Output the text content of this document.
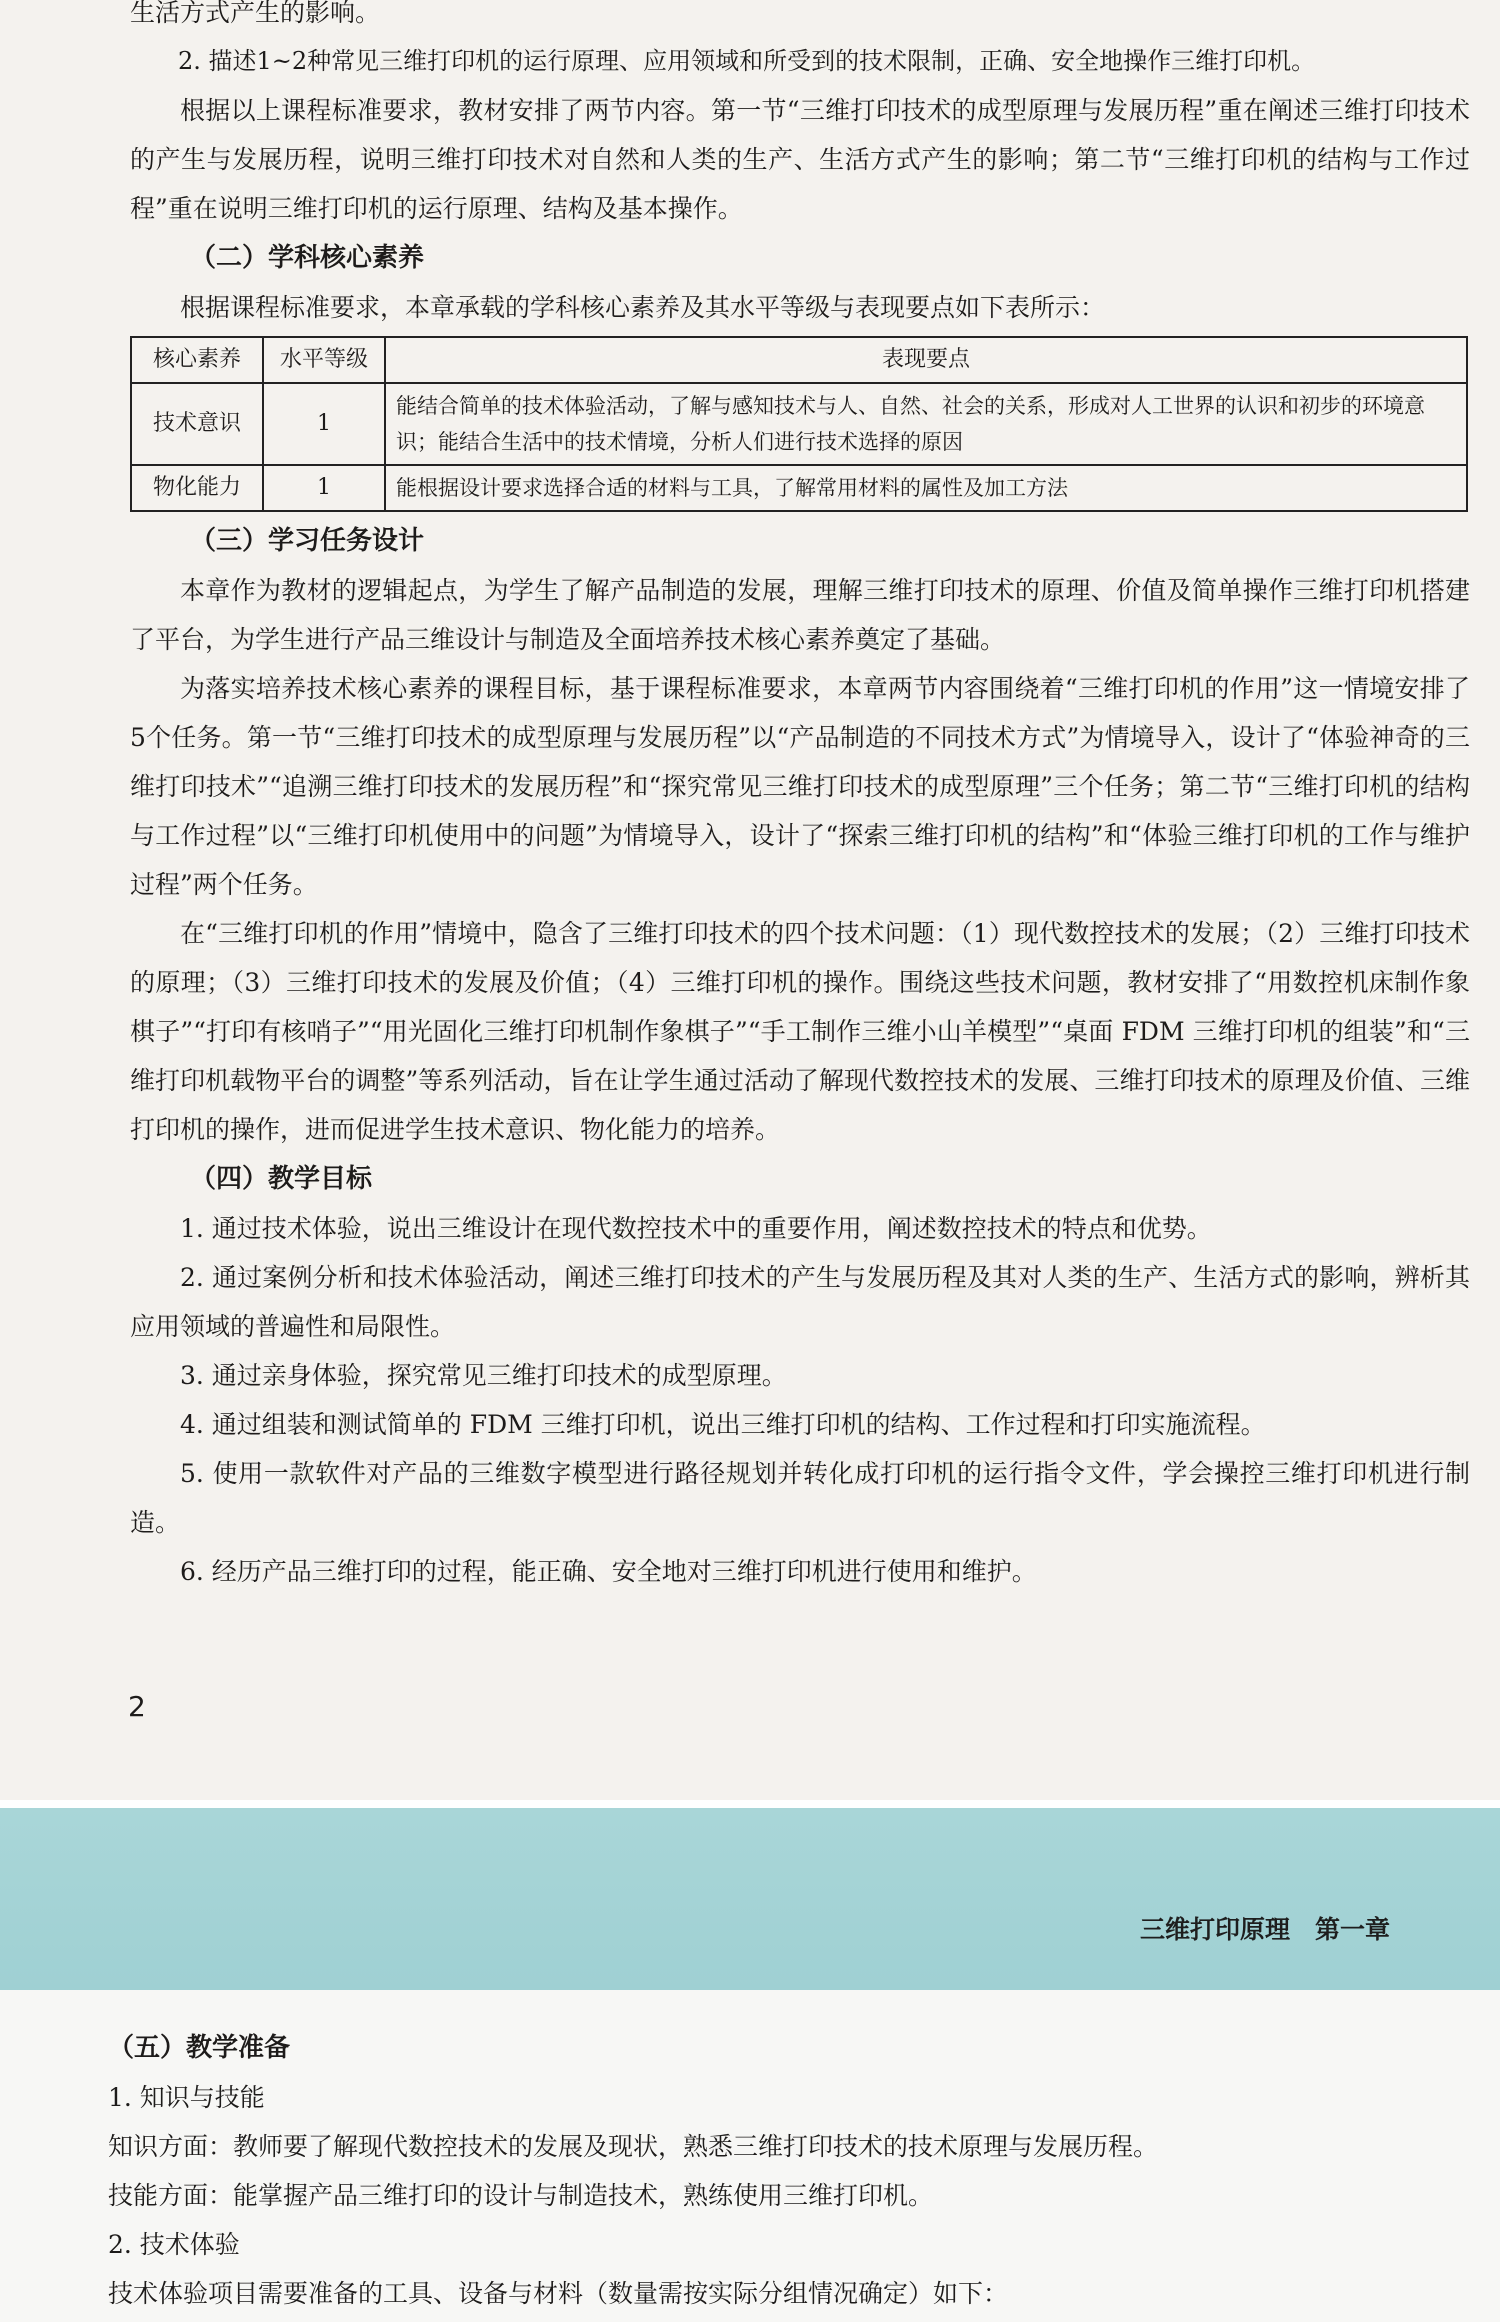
生活方式产生的影响。

2. 描述1~2种常见三维打印机的运行原理、应用领域和所受到的技术限制，正确、安全地操作三维打印机。

根据以上课程标准要求，教材安排了两节内容。第一节“三维打印技术的成型原理与发展历程”重在阐述三维打印技术的产生与发展历程，说明三维打印技术对自然和人类的生产、生活方式产生的影响；第二节“三维打印机的结构与工作过程”重在说明三维打印机的运行原理、结构及基本操作。

（二）学科核心素养

根据课程标准要求，本章承载的学科核心素养及其水平等级与表现要点如下表所示：

核心素养	水平等级	表现要点
技术意识	1	能结合简单的技术体验活动，了解与感知技术与人、自然、社会的关系，形成对人工世界的认识和初步的环境意识；能结合生活中的技术情境，分析人们进行技术选择的原因
物化能力	1	能根据设计要求选择合适的材料与工具，了解常用材料的属性及加工方法

（三）学习任务设计

本章作为教材的逻辑起点，为学生了解产品制造的发展，理解三维打印技术的原理、价值及简单操作三维打印机搭建了平台，为学生进行产品三维设计与制造及全面培养技术核心素养奠定了基础。

为落实培养技术核心素养的课程目标，基于课程标准要求，本章两节内容围绕着“三维打印机的作用”这一情境安排了5个任务。第一节“三维打印技术的成型原理与发展历程”以“产品制造的不同技术方式”为情境导入，设计了“体验神奇的三维打印技术”“追溯三维打印技术的发展历程”和“探究常见三维打印技术的成型原理”三个任务；第二节“三维打印机的结构与工作过程”以“三维打印机使用中的问题”为情境导入，设计了“探索三维打印机的结构”和“体验三维打印机的工作与维护过程”两个任务。

在“三维打印机的作用”情境中，隐含了三维打印技术的四个技术问题：（1）现代数控技术的发展；（2）三维打印技术的原理；（3）三维打印技术的发展及价值；（4）三维打印机的操作。围绕这些技术问题，教材安排了“用数控机床制作象棋子”“打印有核哨子”“用光固化三维打印机制作象棋子”“手工制作三维小山羊模型”“桌面 FDM 三维打印机的组装”和“三维打印机载物平台的调整”等系列活动，旨在让学生通过活动了解现代数控技术的发展、三维打印技术的原理及价值、三维打印机的操作，进而促进学生技术意识、物化能力的培养。

（四）教学目标

1. 通过技术体验，说出三维设计在现代数控技术中的重要作用，阐述数控技术的特点和优势。

2. 通过案例分析和技术体验活动，阐述三维打印技术的产生与发展历程及其对人类的生产、生活方式的影响，辨析其应用领域的普遍性和局限性。

3. 通过亲身体验，探究常见三维打印技术的成型原理。

4. 通过组装和测试简单的 FDM 三维打印机，说出三维打印机的结构、工作过程和打印实施流程。

5. 使用一款软件对产品的三维数字模型进行路径规划并转化成打印机的运行指令文件，学会操控三维打印机进行制造。

6. 经历产品三维打印的过程，能正确、安全地对三维打印机进行使用和维护。

2
三维打印原理　第一章

（五）教学准备

1. 知识与技能

知识方面：教师要了解现代数控技术的发展及现状，熟悉三维打印技术的技术原理与发展历程。

技能方面：能掌握产品三维打印的设计与制造技术，熟练使用三维打印机。

2. 技术体验

技术体验项目需要准备的工具、设备与材料（数量需按实际分组情况确定）如下：
